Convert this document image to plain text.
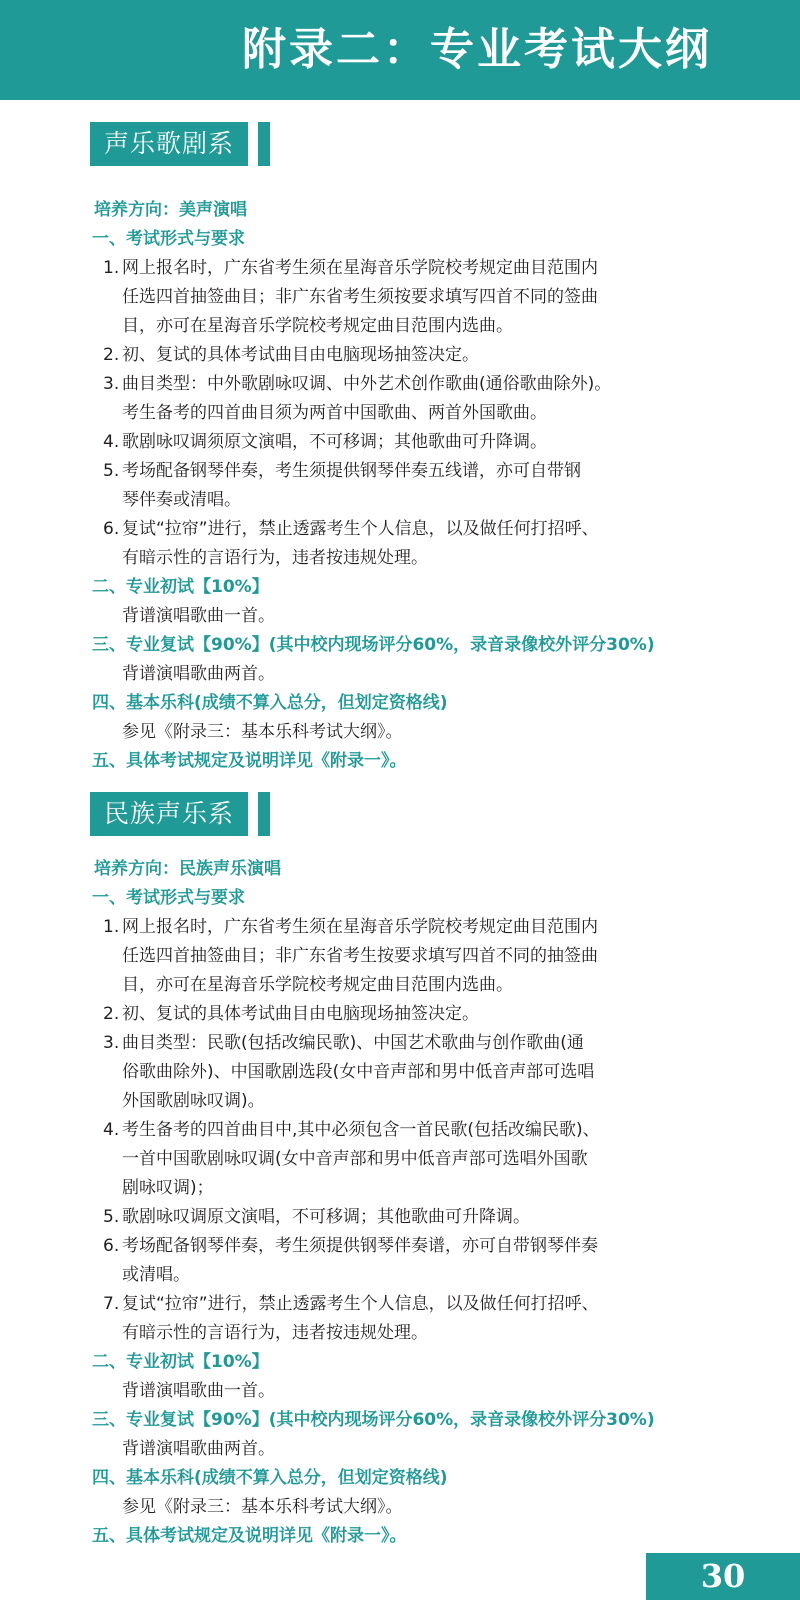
附录二：专业考试大纲
声乐歌剧系
培养方向：美声演唱
一、考试形式与要求
1. 网上报名时，广东省考生须在星海音乐学院校考规定曲目范围内
任选四首抽签曲目；非广东省考生须按要求填写四首不同的签曲
目，亦可在星海音乐学院校考规定曲目范围内选曲。
2. 初、复试的具体考试曲目由电脑现场抽签决定。
3. 曲目类型：中外歌剧咏叹调、中外艺术创作歌曲(通俗歌曲除外)。
考生备考的四首曲目须为两首中国歌曲、两首外国歌曲。
4. 歌剧咏叹调须原文演唱，不可移调；其他歌曲可升降调。
5. 考场配备钢琴伴奏，考生须提供钢琴伴奏五线谱，亦可自带钢
琴伴奏或清唱。
6. 复试“拉帘”进行，禁止透露考生个人信息，以及做任何打招呼、
有暗示性的言语行为，违者按违规处理。
二、专业初试【10%】
背谱演唱歌曲一首。
三、专业复试【90%】(其中校内现场评分60%，录音录像校外评分30%)
背谱演唱歌曲两首。
四、基本乐科(成绩不算入总分，但划定资格线)
参见《附录三：基本乐科考试大纲》。
五、具体考试规定及说明详见《附录一》。
民族声乐系
培养方向：民族声乐演唱
一、考试形式与要求
1. 网上报名时，广东省考生须在星海音乐学院校考规定曲目范围内
任选四首抽签曲目；非广东省考生按要求填写四首不同的抽签曲
目，亦可在星海音乐学院校考规定曲目范围内选曲。
2. 初、复试的具体考试曲目由电脑现场抽签决定。
3. 曲目类型：民歌(包括改编民歌)、中国艺术歌曲与创作歌曲(通
俗歌曲除外)、中国歌剧选段(女中音声部和男中低音声部可选唱
外国歌剧咏叹调)。
4. 考生备考的四首曲目中,其中必须包含一首民歌(包括改编民歌)、
一首中国歌剧咏叹调(女中音声部和男中低音声部可选唱外国歌
剧咏叹调)；
5. 歌剧咏叹调原文演唱，不可移调；其他歌曲可升降调。
6. 考场配备钢琴伴奏，考生须提供钢琴伴奏谱，亦可自带钢琴伴奏
或清唱。
7. 复试“拉帘”进行，禁止透露考生个人信息，以及做任何打招呼、
有暗示性的言语行为，违者按违规处理。
二、专业初试【10%】
背谱演唱歌曲一首。
三、专业复试【90%】(其中校内现场评分60%，录音录像校外评分30%)
背谱演唱歌曲两首。
四、基本乐科(成绩不算入总分，但划定资格线)
参见《附录三：基本乐科考试大纲》。
五、具体考试规定及说明详见《附录一》。
30
